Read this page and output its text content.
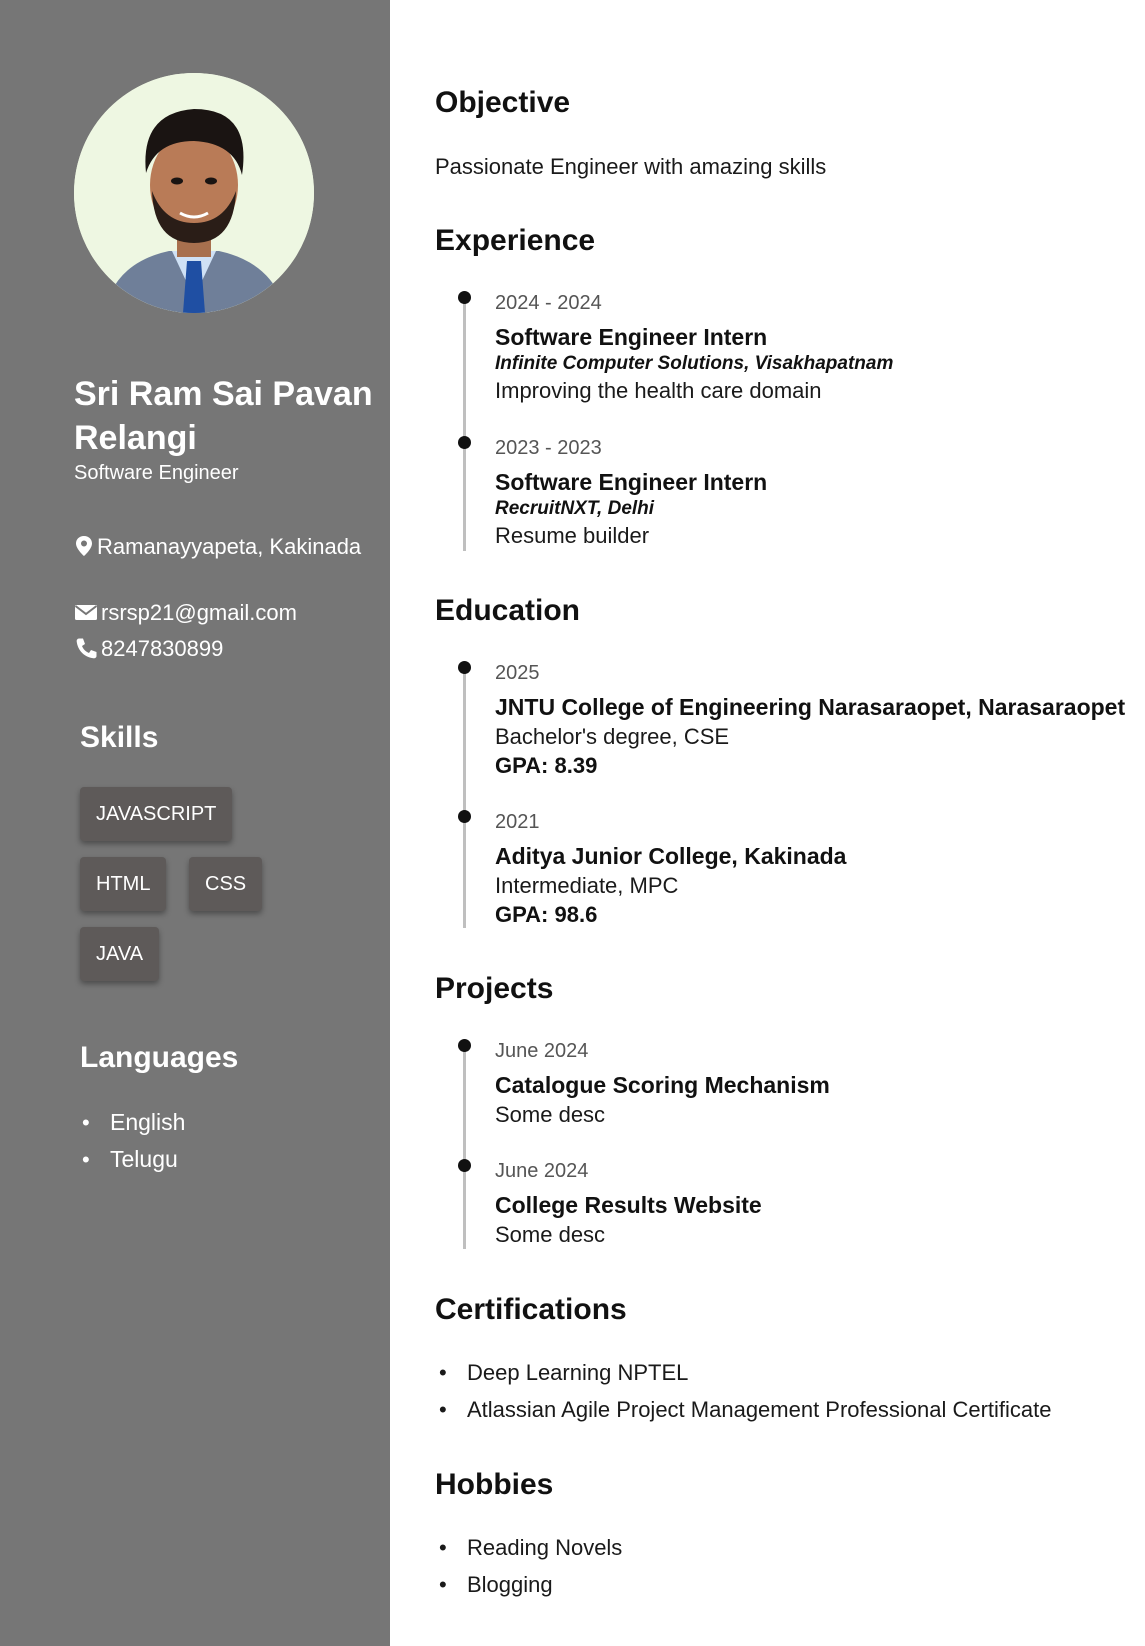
Sri Ram Sai Pavan Relangi
Software Engineer
Ramanayyapeta, Kakinada
rsrsp21@gmail.com
8247830899
Skills
JAVASCRIPT
HTML	CSS
JAVA
Languages
• English
• Telugu
Objective
Passionate Engineer with amazing skills
Experience
2024 - 2024
Software Engineer Intern
Infinite Computer Solutions, Visakhapatnam
Improving the health care domain
2023 - 2023
Software Engineer Intern
RecruitNXT, Delhi
Resume builder
Education
2025
JNTU College of Engineering Narasaraopet, Narasaraopet
Bachelor's degree, CSE
GPA: 8.39
2021
Aditya Junior College, Kakinada
Intermediate, MPC
GPA: 98.6
Projects
June 2024
Catalogue Scoring Mechanism
Some desc
June 2024
College Results Website
Some desc
Certifications
• Deep Learning NPTEL
• Atlassian Agile Project Management Professional Certificate
Hobbies
• Reading Novels
• Blogging
